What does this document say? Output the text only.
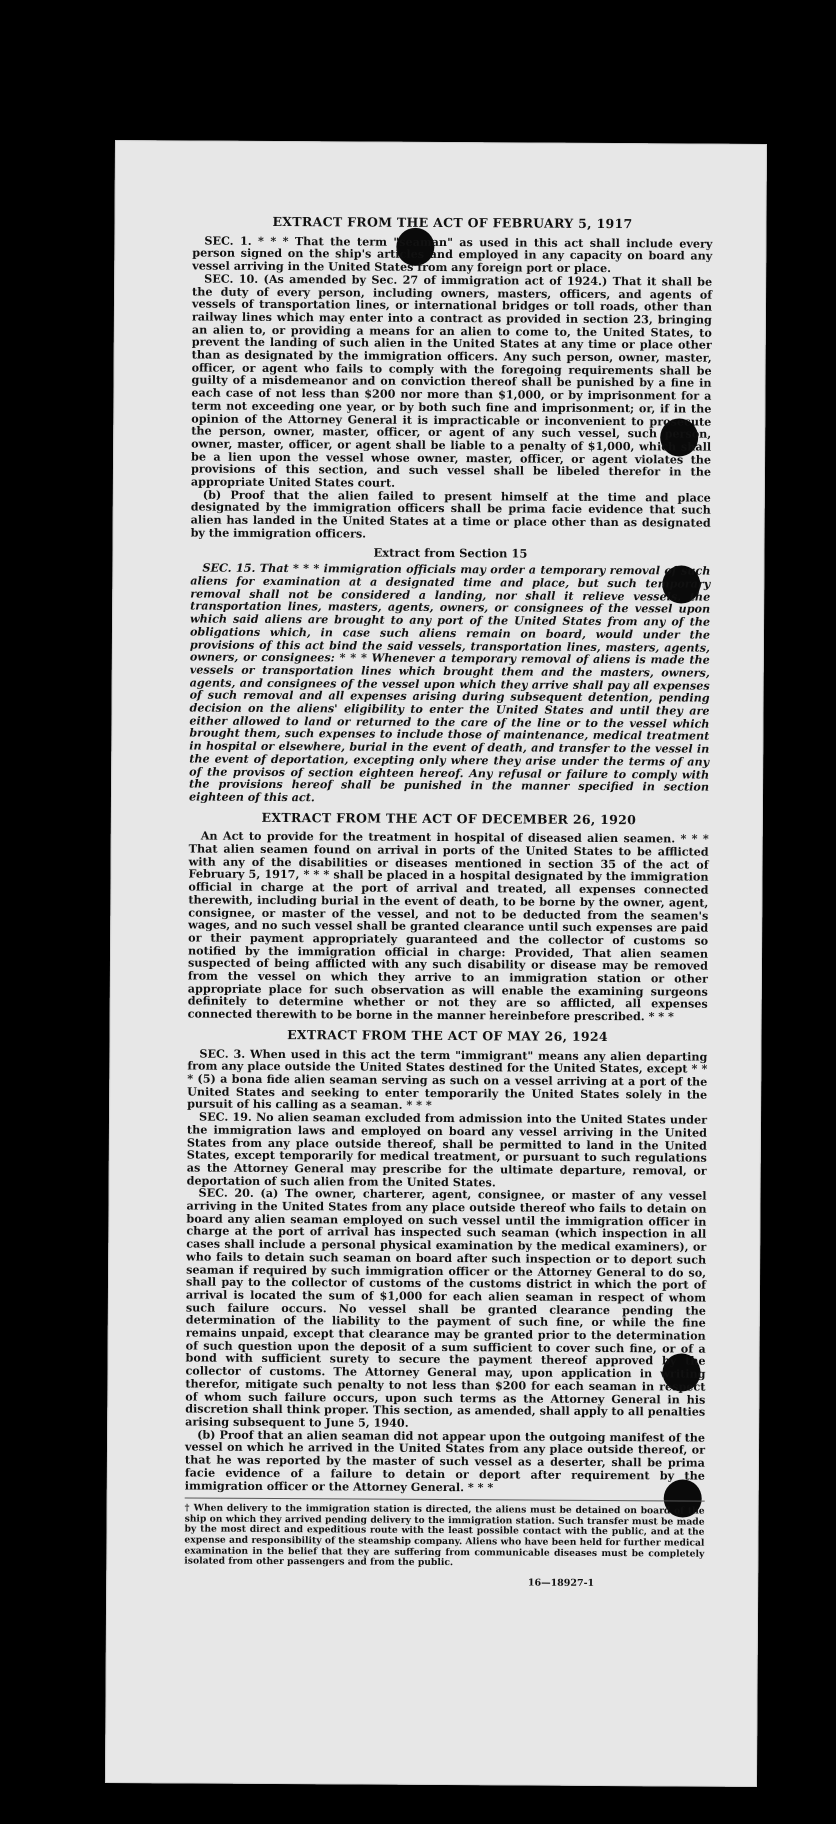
EXTRACT FROM THE ACT OF FEBRUARY 5, 1917

SEC. 1. * * * That the term "seaman" as used in this act shall include every person signed on the ship's articles and employed in any capacity on board any vessel arriving in the United States from any foreign port or place.

SEC. 10. (As amended by Sec. 27 of immigration act of 1924.) That it shall be the duty of every person, including owners, masters, officers, and agents of vessels of transportation lines, or international bridges or toll roads, other than railway lines which may enter into a contract as provided in section 23, bringing an alien to, or providing a means for an alien to come to, the United States, to prevent the landing of such alien in the United States at any time or place other than as designated by the immigration officers. Any such person, owner, master, officer, or agent who fails to comply with the foregoing requirements shall be guilty of a misdemeanor and on conviction thereof shall be punished by a fine in each case of not less than $200 nor more than $1,000, or by imprisonment for a term not exceeding one year, or by both such fine and imprisonment; or, if in the opinion of the Attorney General it is impracticable or inconvenient to prosecute the person, owner, master, officer, or agent of any such vessel, such person, owner, master, officer, or agent shall be liable to a penalty of $1,000, which shall be a lien upon the vessel whose owner, master, officer, or agent violates the provisions of this section, and such vessel shall be libeled therefor in the appropriate United States court.

(b) Proof that the alien failed to present himself at the time and place designated by the immigration officers shall be prima facie evidence that such alien has landed in the United States at a time or place other than as designated by the immigration officers.

Extract from Section 15

SEC. 15. That * * * immigration officials may order a temporary removal of such aliens for examination at a designated time and place, but such temporary removal shall not be considered a landing, nor shall it relieve vessels, the transportation lines, masters, agents, owners, or consignees of the vessel upon which said aliens are brought to any port of the United States from any of the obligations which, in case such aliens remain on board, would under the provisions of this act bind the said vessels, transportation lines, masters, agents, owners, or consignees: * * * Whenever a temporary removal of aliens is made the vessels or transportation lines which brought them and the masters, owners, agents, and consignees of the vessel upon which they arrive shall pay all expenses of such removal and all expenses arising during subsequent detention, pending decision on the aliens' eligibility to enter the United States and until they are either allowed to land or returned to the care of the line or to the vessel which brought them, such expenses to include those of maintenance, medical treatment in hospital or elsewhere, burial in the event of death, and transfer to the vessel in the event of deportation, excepting only where they arise under the terms of any of the provisos of section eighteen hereof. Any refusal or failure to comply with the provisions hereof shall be punished in the manner specified in section eighteen of this act.

EXTRACT FROM THE ACT OF DECEMBER 26, 1920

An Act to provide for the treatment in hospital of diseased alien seamen. * * * That alien seamen found on arrival in ports of the United States to be afflicted with any of the disabilities or diseases mentioned in section 35 of the act of February 5, 1917, * * * shall be placed in a hospital designated by the immigration official in charge at the port of arrival and treated, all expenses connected therewith, including burial in the event of death, to be borne by the owner, agent, consignee, or master of the vessel, and not to be deducted from the seamen's wages, and no such vessel shall be granted clearance until such expenses are paid or their payment appropriately guaranteed and the collector of customs so notified by the immigration official in charge: Provided, That alien seamen suspected of being afflicted with any such disability or disease may be removed from the vessel on which they arrive to an immigration station or other appropriate place for such observation as will enable the examining surgeons definitely to determine whether or not they are so afflicted, all expenses connected therewith to be borne in the manner hereinbefore prescribed. * * *

EXTRACT FROM THE ACT OF MAY 26, 1924

SEC. 3. When used in this act the term "immigrant" means any alien departing from any place outside the United States destined for the United States, except * * * (5) a bona fide alien seaman serving as such on a vessel arriving at a port of the United States and seeking to enter temporarily the United States solely in the pursuit of his calling as a seaman. * * *

SEC. 19. No alien seaman excluded from admission into the United States under the immigration laws and employed on board any vessel arriving in the United States from any place outside thereof, shall be permitted to land in the United States, except temporarily for medical treatment, or pursuant to such regulations as the Attorney General may prescribe for the ultimate departure, removal, or deportation of such alien from the United States.

SEC. 20. (a) The owner, charterer, agent, consignee, or master of any vessel arriving in the United States from any place outside thereof who fails to detain on board any alien seaman employed on such vessel until the immigration officer in charge at the port of arrival has inspected such seaman (which inspection in all cases shall include a personal physical examination by the medical examiners), or who fails to detain such seaman on board after such inspection or to deport such seaman if required by such immigration officer or the Attorney General to do so, shall pay to the collector of customs of the customs district in which the port of arrival is located the sum of $1,000 for each alien seaman in respect of whom such failure occurs. No vessel shall be granted clearance pending the determination of the liability to the payment of such fine, or while the fine remains unpaid, except that clearance may be granted prior to the determination of such question upon the deposit of a sum sufficient to cover such fine, or of a bond with sufficient surety to secure the payment thereof approved by the collector of customs. The Attorney General may, upon application in writing therefor, mitigate such penalty to not less than $200 for each seaman in respect of whom such failure occurs, upon such terms as the Attorney General in his discretion shall think proper. This section, as amended, shall apply to all penalties arising subsequent to June 5, 1940.

(b) Proof that an alien seaman did not appear upon the outgoing manifest of the vessel on which he arrived in the United States from any place outside thereof, or that he was reported by the master of such vessel as a deserter, shall be prima facie evidence of a failure to detain or deport after requirement by the immigration officer or the Attorney General. * * *

† When delivery to the immigration station is directed, the aliens must be detained on board of the ship on which they arrived pending delivery to the immigration station. Such transfer must be made by the most direct and expeditious route with the least possible contact with the public, and at the expense and responsibility of the steamship company. Aliens who have been held for further medical examination in the belief that they are suffering from communicable diseases must be completely isolated from other passengers and from the public.
16—18927-1
